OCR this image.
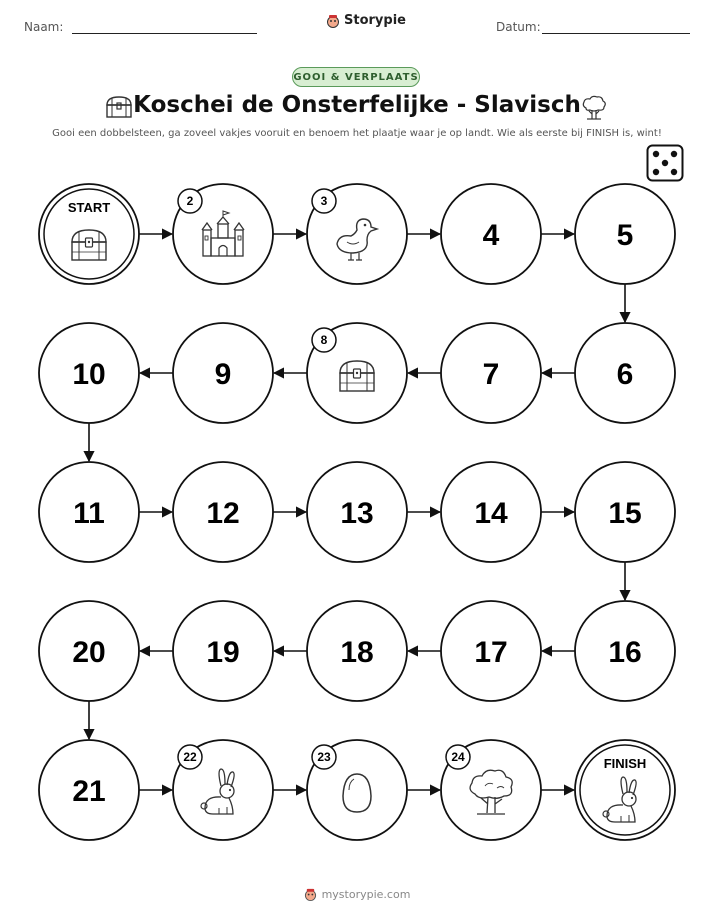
Naam:	Storypie	Datum:
GOOI & VERPLAATS
Koschei de Onsterfelijke - Slavisch
Gooi een dobbelsteen, ga zoveel vakjes vooruit en benoem het plaatje waar je op landt. Wie als eerste bij FINISH is, wint!
START	2	3
4	5
6
7
8
9
10
11	12	13	14	15
16
17
18
19
20
21
22	23	24	FINISH
mystorypie.com
